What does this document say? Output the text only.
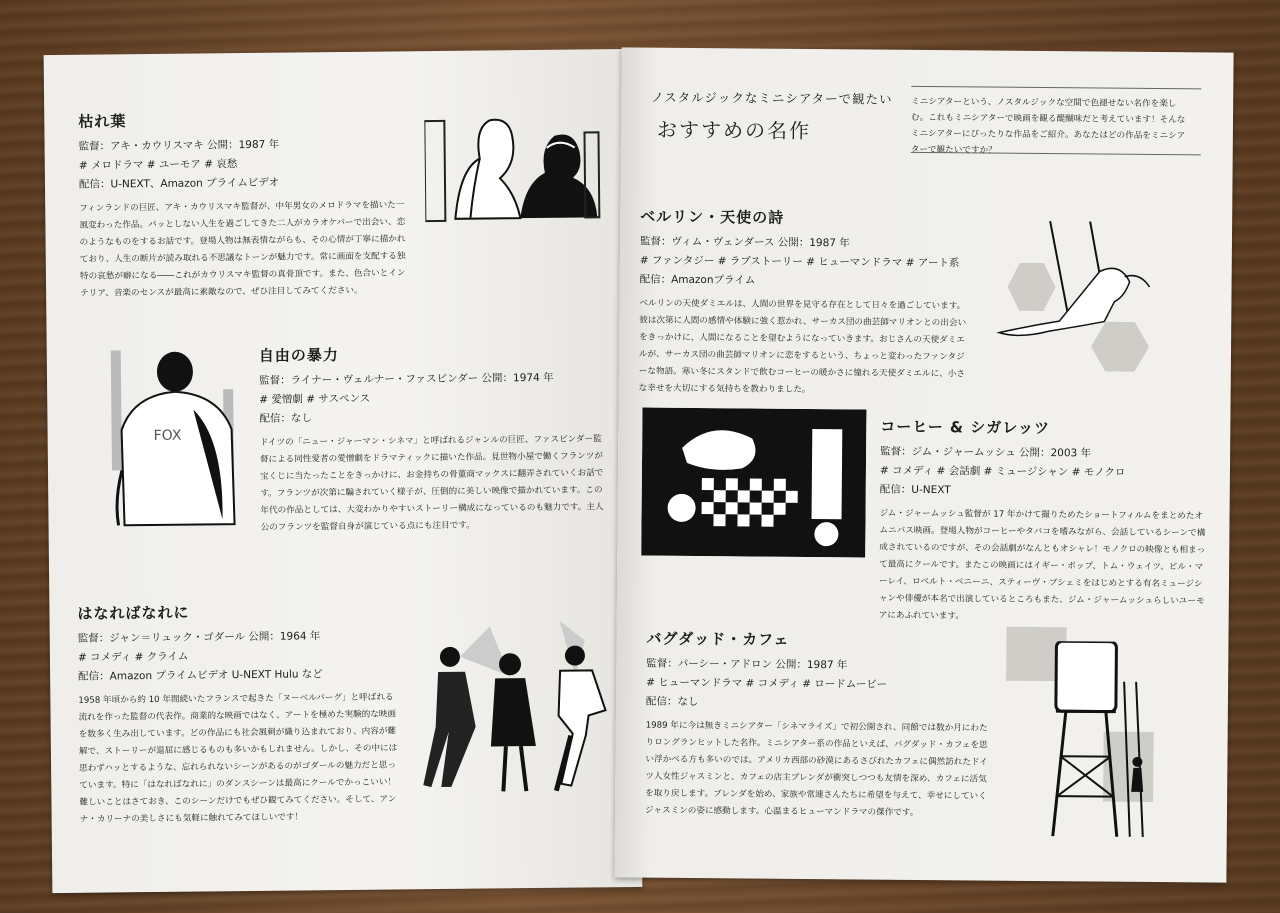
枯れ葉
監督：アキ・カウリスマキ 公開：1987 年
# メロドラマ # ユーモア # 哀愁
配信：U-NEXT、Amazon プライムビデオ
フィンランドの巨匠、アキ・カウリスマキ監督が、中年男女のメロドラマを描いた一風変わった作品。パッとしない人生を過ごしてきた二人がカラオケバーで出会い、恋のようなものをするお話です。登場人物は無表情ながらも、その心情が丁寧に描かれており、人生の断片が読み取れる不思議なトーンが魅力です。常に画面を支配する独特の哀愁が癖になる――これがカウリスマキ監督の真骨頂です。また、色合いとインテリア、音楽のセンスが最高に素敵なので、ぜひ注目してみてください。
FOX
自由の暴力
監督：ライナー・ヴェルナー・ファスビンダー 公開：1974 年
# 愛憎劇 # サスペンス
配信：なし
ドイツの「ニュー・ジャーマン・シネマ」と呼ばれるジャンルの巨匠、ファスビンダー監督による同性愛者の愛憎劇をドラマティックに描いた作品。見世物小屋で働くフランツが宝くじに当たったことをきっかけに、お金持ちの骨董商マックスに翻弄されていくお話です。フランツが次第に騙されていく様子が、圧倒的に美しい映像で描かれています。この年代の作品としては、大変わかりやすいストーリー構成になっているのも魅力です。主人公のフランツを監督自身が演じている点にも注目です。
はなればなれに
監督：ジャン＝リュック・ゴダール 公開：1964 年
# コメディ # クライム
配信：Amazon プライムビデオ U-NEXT Hulu など
1958 年頃から約 10 年間続いたフランスで起きた「ヌーベルバーグ」と呼ばれる流れを作った監督の代表作。商業的な映画ではなく、アートを極めた実験的な映画を数多く生み出しています。どの作品にも社会風刺が織り込まれており、内容が難解で、ストーリーが退屈に感じるものも多いかもしれません。しかし、その中には思わずハッとするような、忘れられないシーンがあるのがゴダールの魅力だと思っています。特に「はなればなれに」のダンスシーンは最高にクールでかっこいい！難しいことはさておき、このシーンだけでもぜひ観てみてください。そして、アンナ・カリーナの美しさにも気軽に触れてみてほしいです！
ノスタルジックなミニシアターで観たい
おすすめの名作
ミニシアターという、ノスタルジックな空間で色褪せない名作を楽しむ。これもミニシアターで映画を観る醍醐味だと考えています！そんなミニシアターにぴったりな作品をご紹介。あなたはどの作品をミニシアターで観たいですか？
ベルリン・天使の詩
監督：ヴィム・ヴェンダース 公開：1987 年
# ファンタジー # ラブストーリー # ヒューマンドラマ # アート系
配信：Amazonプライム
ベルリンの天使ダミエルは、人間の世界を見守る存在として日々を過ごしています。彼は次第に人間の感情や体験に強く惹かれ、サーカス団の曲芸師マリオンとの出会いをきっかけに、人間になることを望むようになっていきます。おじさんの天使ダミエルが、サーカス団の曲芸師マリオンに恋をするという、ちょっと変わったファンタジーな物語。寒い冬にスタンドで飲むコーヒーの暖かさに憧れる天使ダミエルに、小さな幸せを大切にする気持ちを教わりました。
コーヒー & シガレッツ
監督：ジム・ジャームッシュ 公開：2003 年
# コメディ # 会話劇 # ミュージシャン # モノクロ
配信：U-NEXT
ジム・ジャームッシュ監督が 17 年かけて撮りためたショートフィルムをまとめたオムニバス映画。登場人物がコーヒーやタバコを嗜みながら、会話しているシーンで構成されているのですが、その会話劇がなんともオシャレ！モノクロの映像とも相まって最高にクールです。またこの映画にはイギー・ポップ、トム・ウェイツ、ビル・マーレイ、ロベルト・ベニーニ、スティーヴ・ブシェミをはじめとする有名ミュージシャンや俳優が本名で出演しているところもまた、ジム・ジャームッシュらしいユーモアにあふれています。
バグダッド・カフェ
監督：パーシー・アドロン 公開：1987 年
# ヒューマンドラマ # コメディ # ロードムービー
配信：なし
1989 年に今は無きミニシアター「シネマライズ」で初公開され、同館では数か月にわたりロングランヒットした名作。ミニシアター系の作品といえば、バグダッド・カフェを思い浮かべる方も多いのでは。アメリカ西部の砂漠にあるさびれたカフェに偶然訪れたドイツ人女性ジャスミンと、カフェの店主ブレンダが衝突しつつも友情を深め、カフェに活気を取り戻します。ブレンダを始め、家族や常連さんたちに希望を与えて、幸せにしていくジャスミンの姿に感動します。心温まるヒューマンドラマの傑作です。
